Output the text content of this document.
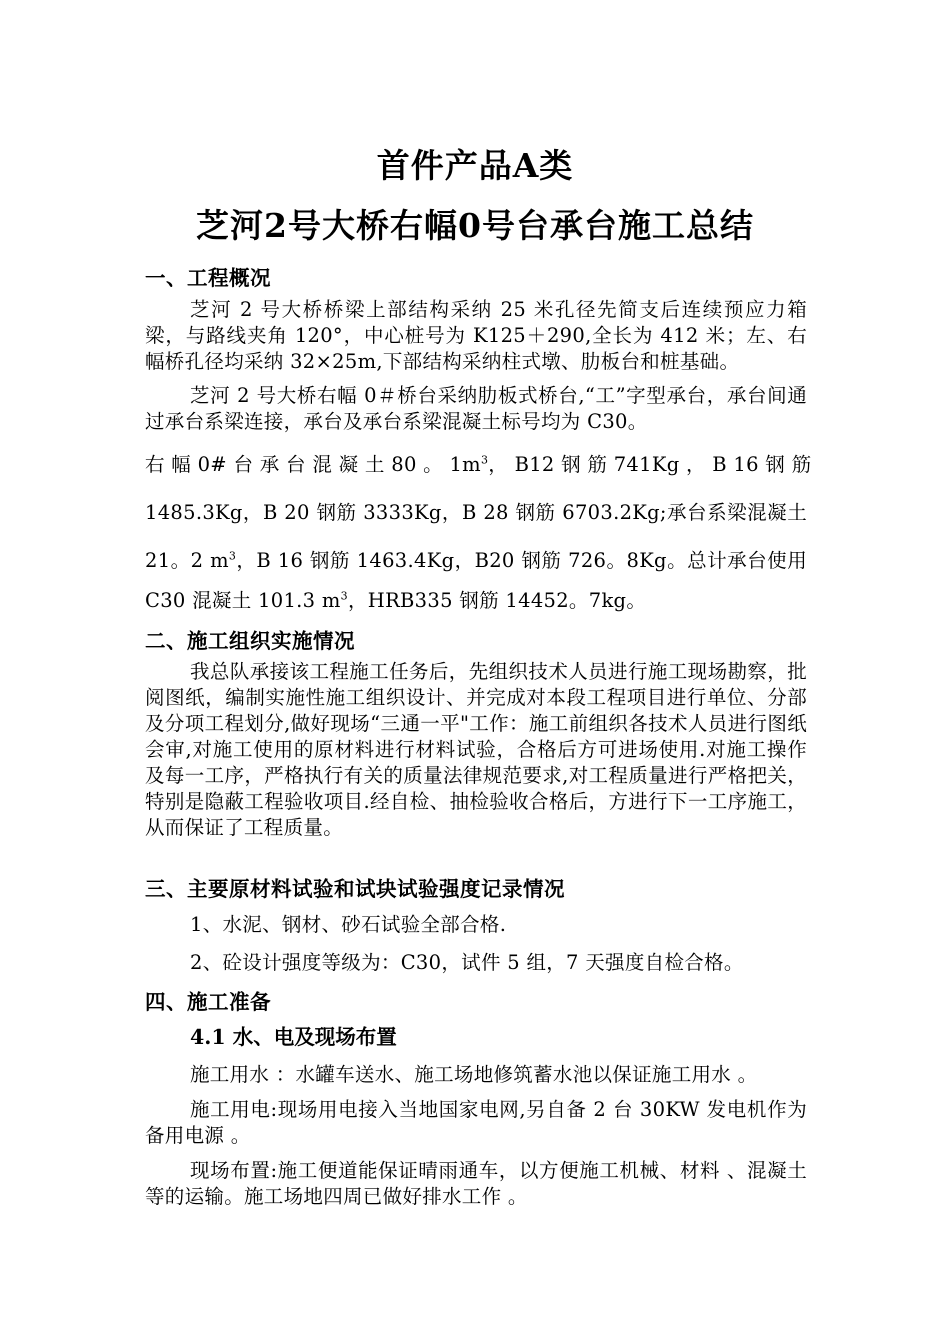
首件产品A类
芝河2号大桥右幅0号台承台施工总结
一、工程概况
芝河 2 号大桥桥梁上部结构采纳 25 米孔径先简支后连续预应力箱梁，与路线夹角 120°，中心桩号为 K125＋290,全长为 412 米；左、右幅桥孔径均采纳 32×25m,下部结构采纳柱式墩、肋板台和桩基础。
芝河 2 号大桥右幅 0＃桥台采纳肋板式桥台,“工”字型承台，承台间通过承台系梁连接，承台及承台系梁混凝土标号均为 C30。
右 幅 0# 台 承 台 混 凝 土 80 。 $1m^3$， B12 钢 筋 741Kg ， B 16 钢 筋
1485.3Kg，B 20 钢筋 3333Kg，B 28 钢筋 6703.2Kg;承台系梁混凝土
21。2 $m^3$，B 16 钢筋 1463.4Kg，B20 钢筋 726。8Kg。总计承台使用
C30 混凝土 101.3 $m^3$，HRB335 钢筋 14452。7kg。
二、施工组织实施情况
我总队承接该工程施工任务后，先组织技术人员进行施工现场勘察，批阅图纸，编制实施性施工组织设计、并完成对本段工程项目进行单位、分部及分项工程划分,做好现场“三通一平"工作：施工前组织各技术人员进行图纸会审,对施工使用的原材料进行材料试验，合格后方可进场使用.对施工操作及每一工序，严格执行有关的质量法律规范要求,对工程质量进行严格把关，特别是隐蔽工程验收项目.经自检、抽检验收合格后，方进行下一工序施工，从而保证了工程质量。
三、主要原材料试验和试块试验强度记录情况
1、水泥、钢材、砂石试验全部合格.
2、砼设计强度等级为：C30，试件 5 组，7 天强度自检合格。
四、施工准备
4.1 水、电及现场布置
施工用水 ：水罐车送水、施工场地修筑蓄水池以保证施工用水 。
施工用电:现场用电接入当地国家电网,另自备 2 台 30KW 发电机作为备用电源 。
现场布置:施工便道能保证晴雨通车，以方便施工机械、材料 、混凝土等的运输。施工场地四周已做好排水工作 。
